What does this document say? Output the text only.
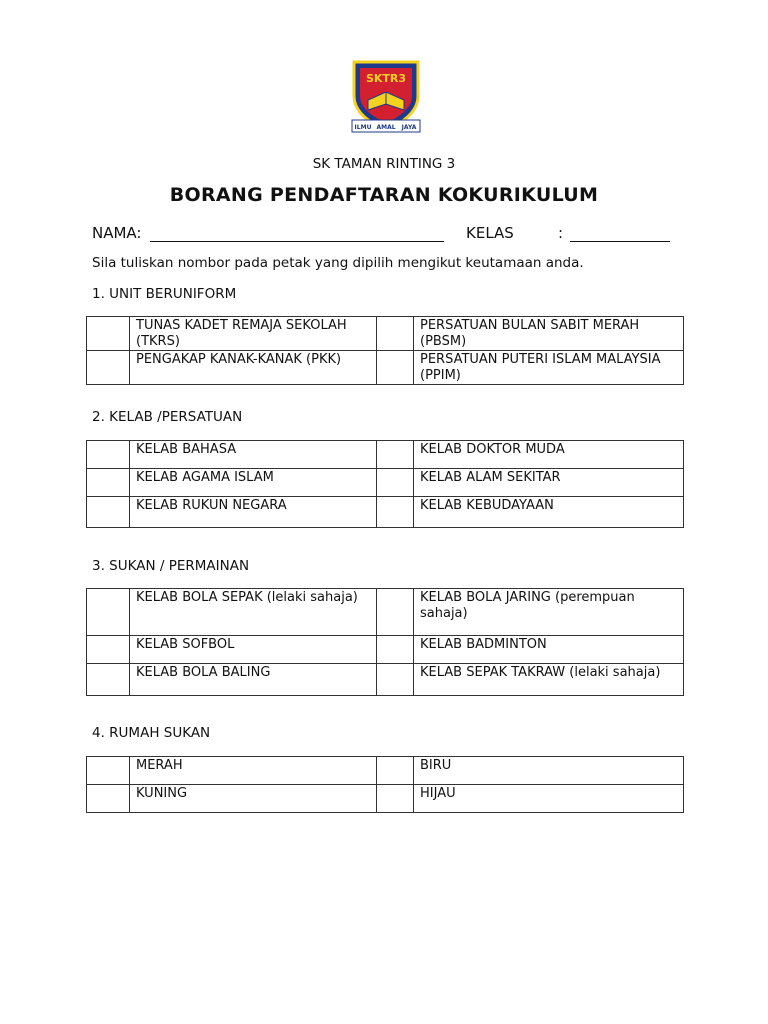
SKTR3
ILMU AMAL JAYA
SK TAMAN RINTING 3
BORANG PENDAFTARAN KOKURIKULUM
NAMA:	KELAS	:
Sila tuliskan nombor pada petak yang dipilih mengikut keutamaan anda.
1. UNIT BERUNIFORM
	TUNAS KADET REMAJA SEKOLAH (TKRS)		PERSATUAN BULAN SABIT MERAH (PBSM)
	PENGAKAP KANAK-KANAK (PKK)		PERSATUAN PUTERI ISLAM MALAYSIA (PPIM)
2. KELAB /PERSATUAN
	KELAB BAHASA		KELAB DOKTOR MUDA
	KELAB AGAMA ISLAM		KELAB ALAM SEKITAR
	KELAB RUKUN NEGARA		KELAB KEBUDAYAAN
3. SUKAN / PERMAINAN
	KELAB BOLA SEPAK (lelaki sahaja)		KELAB BOLA JARING (perempuan sahaja)
	KELAB SOFBOL		KELAB BADMINTON
	KELAB BOLA BALING		KELAB SEPAK TAKRAW (lelaki sahaja)
4. RUMAH SUKAN
	MERAH		BIRU
	KUNING		HIJAU
